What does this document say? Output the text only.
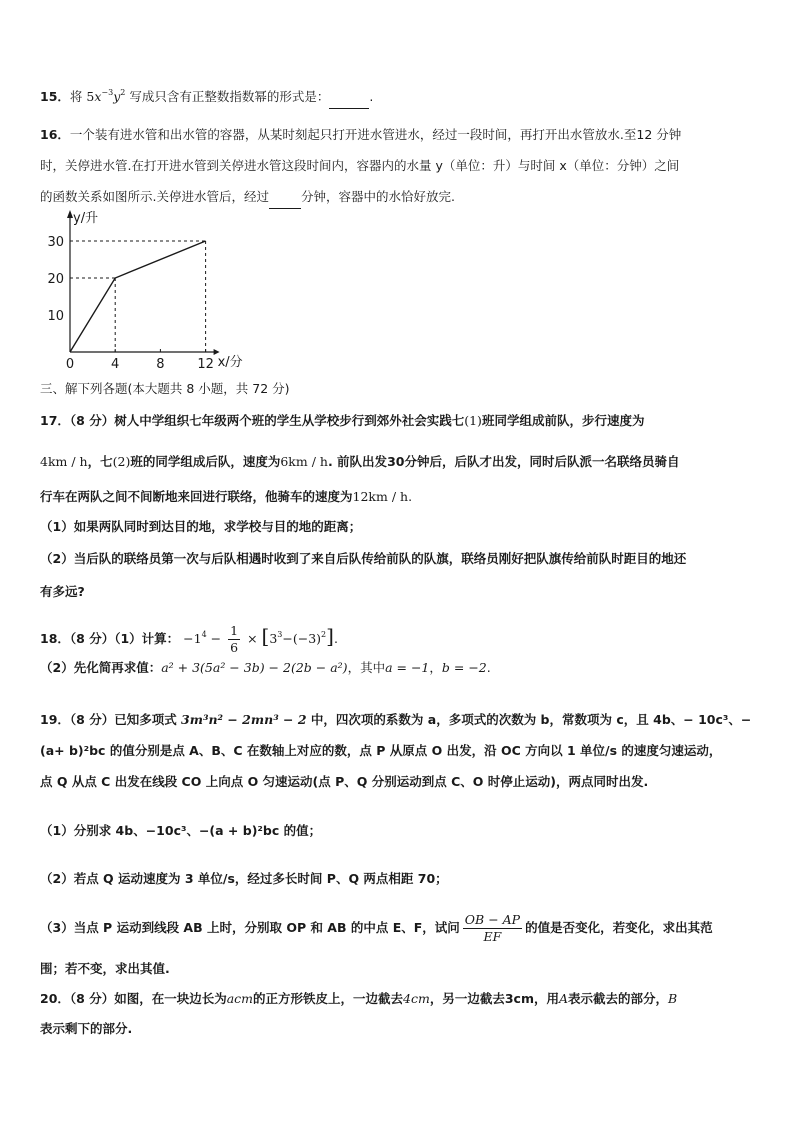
15．将 $5x^{-3}y^2$ 写成只含有正整数指数幂的形式是：	.
16．一个装有进水管和出水管的容器，从某时刻起只打开进水管进水，经过一段时间，再打开出水管放水.至12 分钟
时，关停进水管.在打开进水管到关停进水管这段时间内，容器内的水量 y（单位：升）与时间 x（单位：分钟）之间
的函数关系如图所示.关停进水管后，经过	分钟，容器中的水恰好放完.
y/升
x/分
0	4	8	12
10
20
30
三、解下列各题(本大题共 8 小题，共 72 分)
17．（8 分）树人中学组织七年级两个班的学生从学校步行到郊外社会实践七(1)班同学组成前队，步行速度为
4km / h，七(2)班的同学组成后队，速度为6km / h. 前队出发30分钟后，后队才出发，同时后队派一名联络员骑自
行车在两队之间不间断地来回进行联络，他骑车的速度为12km / h.
（1）如果两队同时到达目的地，求学校与目的地的距离；
（2）当后队的联络员第一次与后队相遇时收到了来自后队传给前队的队旗，联络员刚好把队旗传给前队时距目的地还
有多远?
18．（8 分）（1）计算： $-1^4 - \frac{1}{6} \times [3^3-(-3)^2]$.
（2）先化简再求值：a² + 3(5a² − 3b) − 2(2b − a²)，其中a = −1，b = −2.
19．（8 分）已知多项式 3m³n² − 2mn³ − 2 中，四次项的系数为 a，多项式的次数为 b，常数项为 c，且 4b、− 10c³、−
(a+ b)²bc 的值分别是点 A、B、C 在数轴上对应的数，点 P 从原点 O 出发，沿 OC 方向以 1 单位/s 的速度匀速运动，
点 Q 从点 C 出发在线段 CO 上向点 O 匀速运动(点 P、Q 分别运动到点 C、O 时停止运动)，两点同时出发.
（1）分别求 4b、−10c³、−(a + b)²bc 的值；
（2）若点 Q 运动速度为 3 单位/s，经过多长时间 P、Q 两点相距 70；
（3）当点 P 运动到线段 AB 上时，分别取 OP 和 AB 的中点 E、F，试问 $\frac{OB - AP}{EF}$ 的值是否变化，若变化，求出其范
围；若不变，求出其值.
20．（8 分）如图，在一块边长为acm的正方形铁皮上，一边截去4cm，另一边截去3cm，用A表示截去的部分，B
表示剩下的部分.
